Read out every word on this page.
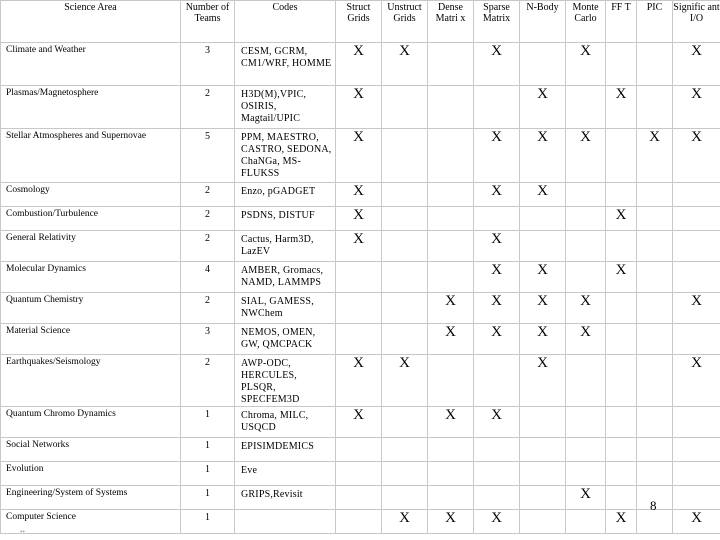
Science Area	Number of Teams	Codes	Struct Grids	Unstruct Grids	Dense Matri x	Sparse Matrix	N-Body	Monte Carlo	FF T	PIC	Signific ant I/O
Climate and Weather	3	CESM, GCRM, CM1/WRF, HOMME	X	X		X		X			X
Plasmas/Magnetosphere	2	H3D(M),VPIC, OSIRIS, Magtail/UPIC	X				X		X		X
Stellar Atmospheres and Supernovae	5	PPM, MAESTRO, CASTRO, SEDONA, ChaNGa, MS-FLUKSS	X			X	X	X		X	X
Cosmology	2	Enzo, pGADGET	X			X	X				
Combustion/Turbulence	2	PSDNS, DISTUF	X						X		
General Relativity	2	Cactus, Harm3D, LazEV	X			X					
Molecular Dynamics	4	AMBER, Gromacs, NAMD, LAMMPS				X	X		X		
Quantum Chemistry	2	SIAL, GAMESS, NWChem			X	X	X	X			X
Material Science	3	NEMOS, OMEN, GW, QMCPACK			X	X	X	X			
Earthquakes/Seismology	2	AWP-ODC, HERCULES, PLSQR, SPECFEM3D	X	X			X				X
Quantum Chromo Dynamics	1	Chroma, MILC, USQCD	X		X	X					
Social Networks	1	EPISIMDEMICS									
Evolution	1	Eve									
Engineering/System of Systems	1	GRIPS,Revisit						X			
Computer Science	1			X	X	X			X		X
8
••
